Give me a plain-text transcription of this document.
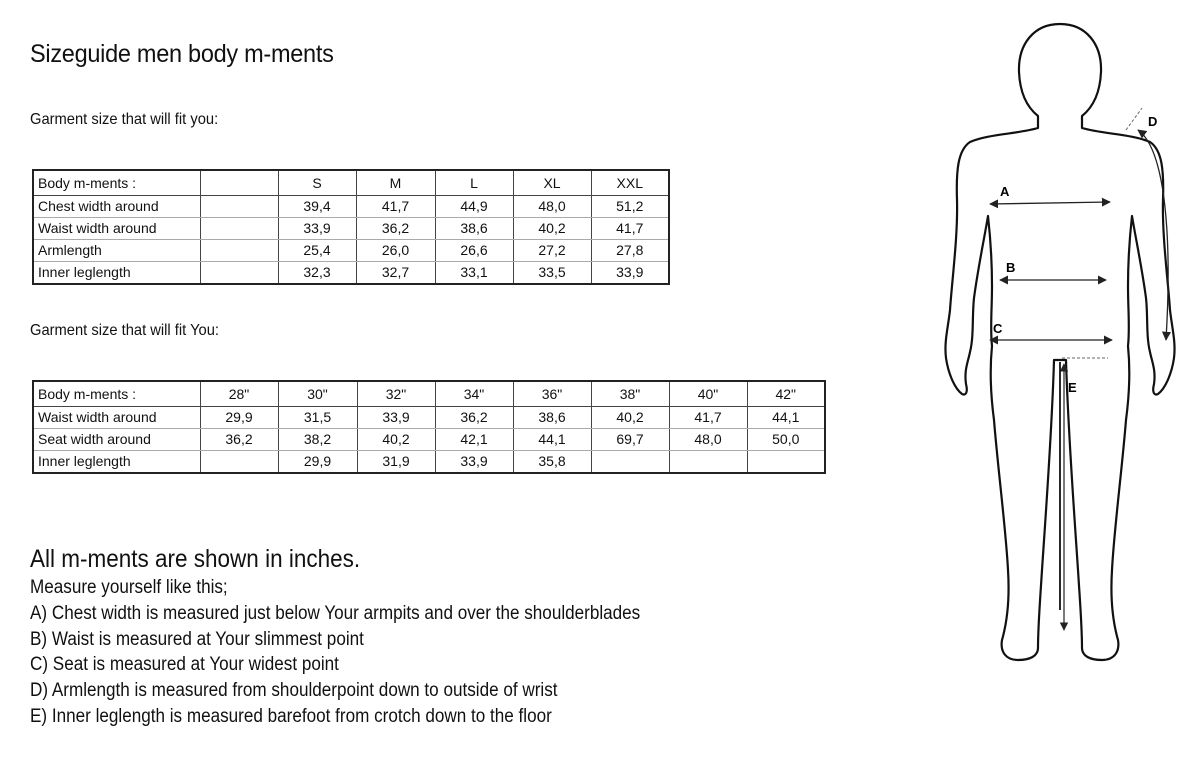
Sizeguide men body m-ments
Garment size that will fit you:
Body m-ments :		S	M	L	XL	XXL
Chest width around		39,4	41,7	44,9	48,0	51,2
Waist width around		33,9	36,2	38,6	40,2	41,7
Armlength		25,4	26,0	26,6	27,2	27,8
Inner leglength		32,3	32,7	33,1	33,5	33,9
Garment size that will fit You:
Body m-ments :	28"	30"	32"	34"	36"	38"	40"	42"
Waist width around	29,9	31,5	33,9	36,2	38,6	40,2	41,7	44,1
Seat width around	36,2	38,2	40,2	42,1	44,1	69,7	48,0	50,0
Inner leglength		29,9	31,9	33,9	35,8			
All m-ments are shown in inches.
Measure yourself like this;
A) Chest width is measured just below Your armpits and over the shoulderblades
B) Waist is measured at Your slimmest point
C) Seat is measured at Your widest point
D) Armlength is measured from shoulderpoint down to outside of wrist
E) Inner leglength is measured barefoot from crotch down to the floor
A
B
C
D
E
